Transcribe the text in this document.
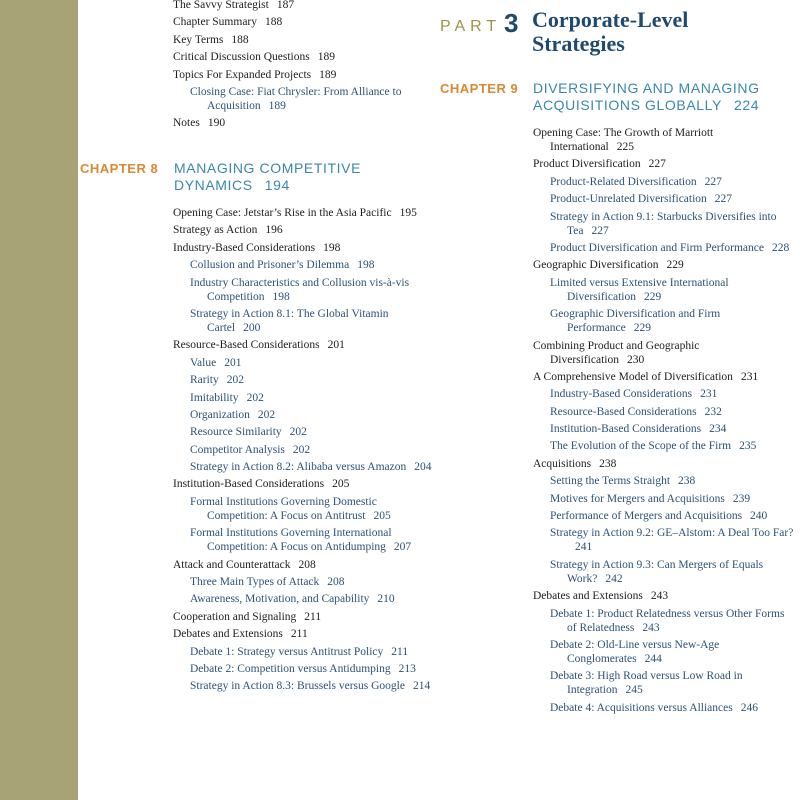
The Savvy Strategist 187
Chapter Summary 188
Key Terms 188
Critical Discussion Questions 189
Topics For Expanded Projects 189
Closing Case: Fiat Chrysler: From Alliance to Acquisition 189
Notes 190
CHAPTER 8 MANAGING COMPETITIVE
DYNAMICS 194
Opening Case: Jetstar’s Rise in the Asia Pacific 195
Strategy as Action 196
Industry-Based Considerations 198
Collusion and Prisoner’s Dilemma 198
Industry Characteristics and Collusion vis-à-vis Competition 198
Strategy in Action 8.1: The Global Vitamin Cartel 200
Resource-Based Considerations 201
Value 201
Rarity 202
Imitability 202
Organization 202
Resource Similarity 202
Competitor Analysis 202
Strategy in Action 8.2: Alibaba versus Amazon 204
Institution-Based Considerations 205
Formal Institutions Governing Domestic Competition: A Focus on Antitrust 205
Formal Institutions Governing International Competition: A Focus on Antidumping 207
Attack and Counterattack 208
Three Main Types of Attack 208
Awareness, Motivation, and Capability 210
Cooperation and Signaling 211
Debates and Extensions 211
Debate 1: Strategy versus Antitrust Policy 211
Debate 2: Competition versus Antidumping 213
Strategy in Action 8.3: Brussels versus Google 214
PART 3 Corporate-Level
Strategies
CHAPTER 9 DIVERSIFYING AND MANAGING
ACQUISITIONS GLOBALLY 224
Opening Case: The Growth of Marriott International 225
Product Diversification 227
Product-Related Diversification 227
Product-Unrelated Diversification 227
Strategy in Action 9.1: Starbucks Diversifies into Tea 227
Product Diversification and Firm Performance 228
Geographic Diversification 229
Limited versus Extensive International Diversification 229
Geographic Diversification and Firm Performance 229
Combining Product and Geographic Diversification 230
A Comprehensive Model of Diversification 231
Industry-Based Considerations 231
Resource-Based Considerations 232
Institution-Based Considerations 234
The Evolution of the Scope of the Firm 235
Acquisitions 238
Setting the Terms Straight 238
Motives for Mergers and Acquisitions 239
Performance of Mergers and Acquisitions 240
Strategy in Action 9.2: GE–Alstom: A Deal Too Far?241
Strategy in Action 9.3: Can Mergers of Equals Work? 242
Debates and Extensions 243
Debate 1: Product Relatedness versus Other Forms of Relatedness 243
Debate 2: Old-Line versus New-Age Conglomerates 244
Debate 3: High Road versus Low Road in Integration 245
Debate 4: Acquisitions versus Alliances 246
